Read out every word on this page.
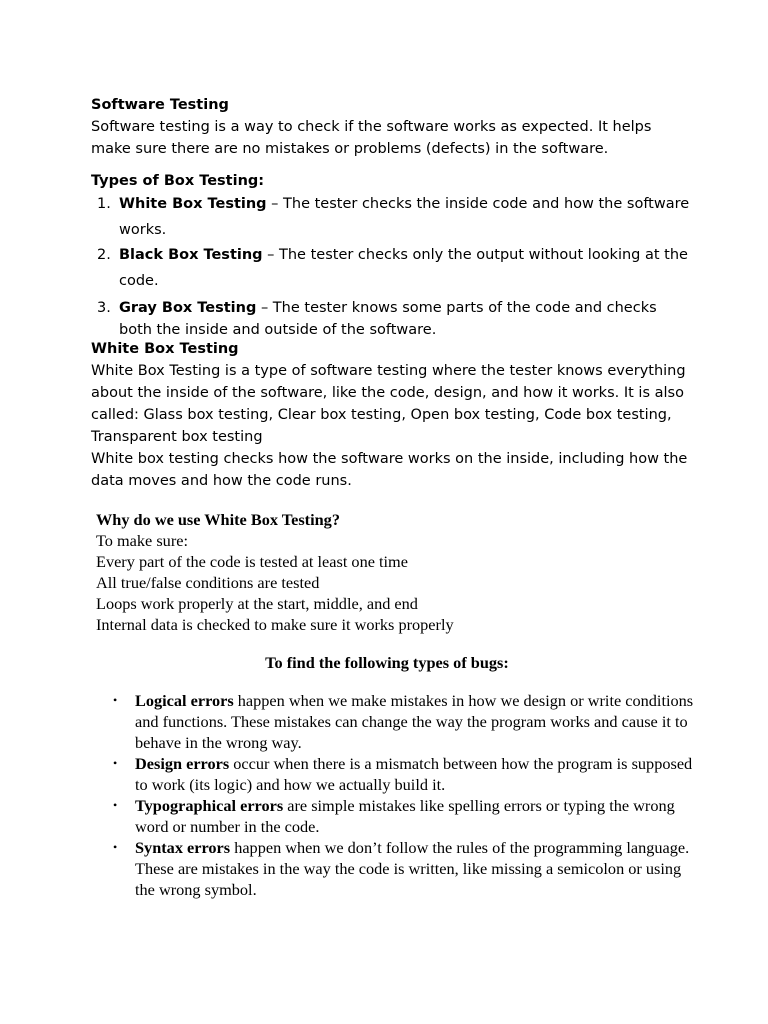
Software Testing

Software testing is a way to check if the software works as expected. It helps make sure there are no mistakes or problems (defects) in the software.

Types of Box Testing:

1. White Box Testing – The tester checks the inside code and how the software works.
2. Black Box Testing – The tester checks only the output without looking at the code.
3. Gray Box Testing – The tester knows some parts of the code and checks both the inside and outside of the software.

White Box Testing

White Box Testing is a type of software testing where the tester knows everything about the inside of the software, like the code, design, and how it works. It is also called: Glass box testing, Clear box testing, Open box testing, Code box testing, Transparent box testing

White box testing checks how the software works on the inside, including how the data moves and how the code runs.

Why do we use White Box Testing?

To make sure:

Every part of the code is tested at least one time

All true/false conditions are tested

Loops work properly at the start, middle, and end

Internal data is checked to make sure it works properly

To find the following types of bugs:
• Logical errors happen when we make mistakes in how we design or write conditions and functions. These mistakes can change the way the program works and cause it to behave in the wrong way.
• Design errors occur when there is a mismatch between how the program is supposed to work (its logic) and how we actually build it.
• Typographical errors are simple mistakes like spelling errors or typing the wrong word or number in the code.
• Syntax errors happen when we don’t follow the rules of the programming language. These are mistakes in the way the code is written, like missing a semicolon or using the wrong symbol.
